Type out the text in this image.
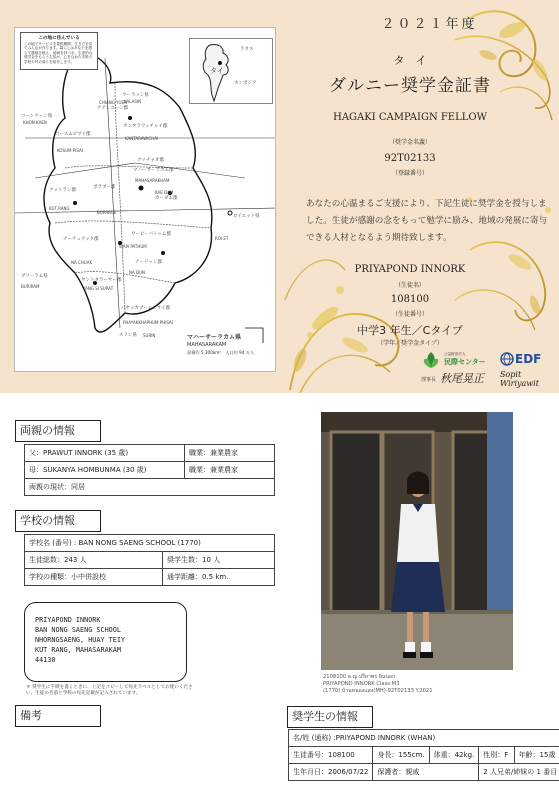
この地に住んでいる
この地でサービスを提供期間、生き方を見てみんなが作ります。暮らしはあなたを感じて農地を植え、地域を持つ水。生産的な奨学金をもらう生徒が、心を込めた手紙で学校や村の周りを紹介します。
ラオス
タイ
カンボジア
ウーラッン県
KALASIN
コーンケーン県
KHON KAEN
コースムピサイ郡
KOSUM PISAI
カンタラウィチャイ郡
KANTARAWICHAI
チアンユーン郡
CHIANG YUEN
マハーサーラカム郡
MAHASARAKHAM
クッチャオ郡
カーダム郡
KAE DAM
ロイエット県
ROI ET
クットラン郡
KUT RANG
ボラブー郡
BORABUE
ナーチュアック郡
NA CHUAK
WAPI PATHUM
ワーピーパトゥム郡
ナードゥン郡
NA DUN
ヤントタラーサー郡
YANG SI SURAT
ブリーラム県
BURIRAM
パヤッカプームピサイ郡
PHAYAKKHAPHUM PHISAI
スリン県 SURIN	マハーサーラカム県
MAHASARAKAM
面積約 5,300km²　人口約 94 万人
２０２１年度
タ　イ
ダルニー奨学金証書
HAGAKI CAMPAIGN FELLOW
（奨学金名義）
92T02133
（登録番号）
あなたの心温まるご支援により、下記生徒に奨学金を授与しました。生徒が感謝の念をもって勉学に励み、地域の発展に寄与できる人材となるよう期待致します。
PRIYAPOND INNORK
（生徒名）
108100
（生徒番号）
中学3 年生／Cタイプ
（学年／奨学金タイプ）
公益財団法人
民際センター
理事長 秋尾晃正
EDF
Sopit Wiriyawit
両親の情報
父：PRAWUT INNORK (35 歳)	職業：兼業農家
母：SUKANYA HOMBUNMA (30 歳)	職業：兼業農家
両親の現状：同居	
学校の情報
学校名 (番号) : BAN NONG SAENG SCHOOL (1770)	
生徒総数：243 人	奨学生数：10 人
学校の種類：小中併設校	通学距離：0.5 km.
PRIYAPOND INNORK
BAN NONG SAENG SCHOOL
NHORNGSAENG, HUAY TEIY
KUT RANG, MAHASARAKAM
44130
＊ 奨学生に手紙を書くときに、上記をコピーして宛先ラベルとしてお使いください。生徒の名前と学校の宛先記載が記入されています。
備考
2108100 ด.ญ.ปรียาพร อินนอก
PRIYAPOND INNORK Class:M3
(1770) บ้านหนองแสง(MH)-92T02133 Y.2021
奨学生の情報
名/姓 (通称) :PRIYAPOND INNORK (WHAN)				
生徒番号：108100	身長：155cm.	体重：42kg.	性別：F	年齢：15歳
生年月日：2006/07/22	保護者：親戚		2 人兄弟/姉妹の 1 番目	
